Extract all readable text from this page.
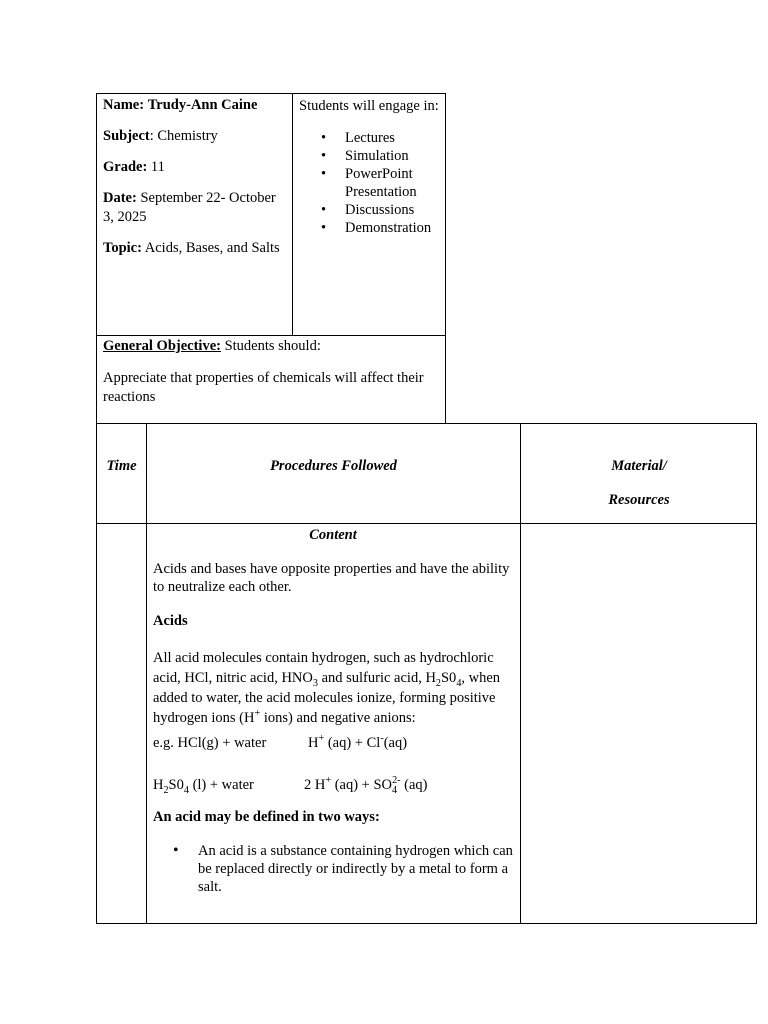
Name: Trudy-Ann Caine

Subject: Chemistry

Grade: 11

Date: September 22- October 3, 2025

Topic: Acids, Bases, and Salts

Students will engage in:

• Lectures
• Simulation
• PowerPoint Presentation
• Discussions
• Demonstration

General Objective: Students should:

Appreciate that properties of chemicals will affect their reactions

Time	Procedures Followed	Material/
Resources
Content

Acids and bases have opposite properties and have the ability to neutralize each other.

Acids

All acid molecules contain hydrogen, such as hydrochloric acid, HCl, nitric acid, $HNO_3$ and sulfuric acid, $H_2S0_4$, when added to water, the acid molecules ionize, forming positive hydrogen ions (H+ ions) and negative anions:

e.g. HCl(g) + water	H+ (aq) + Cl-(aq)

$H_2S0_4$ (l) + water	2 H+ $(aq) + SO_4^{2-}$ (aq)

An acid may be defined in two ways:

• An acid is a substance containing hydrogen which can be replaced directly or indirectly by a metal to form a salt.
